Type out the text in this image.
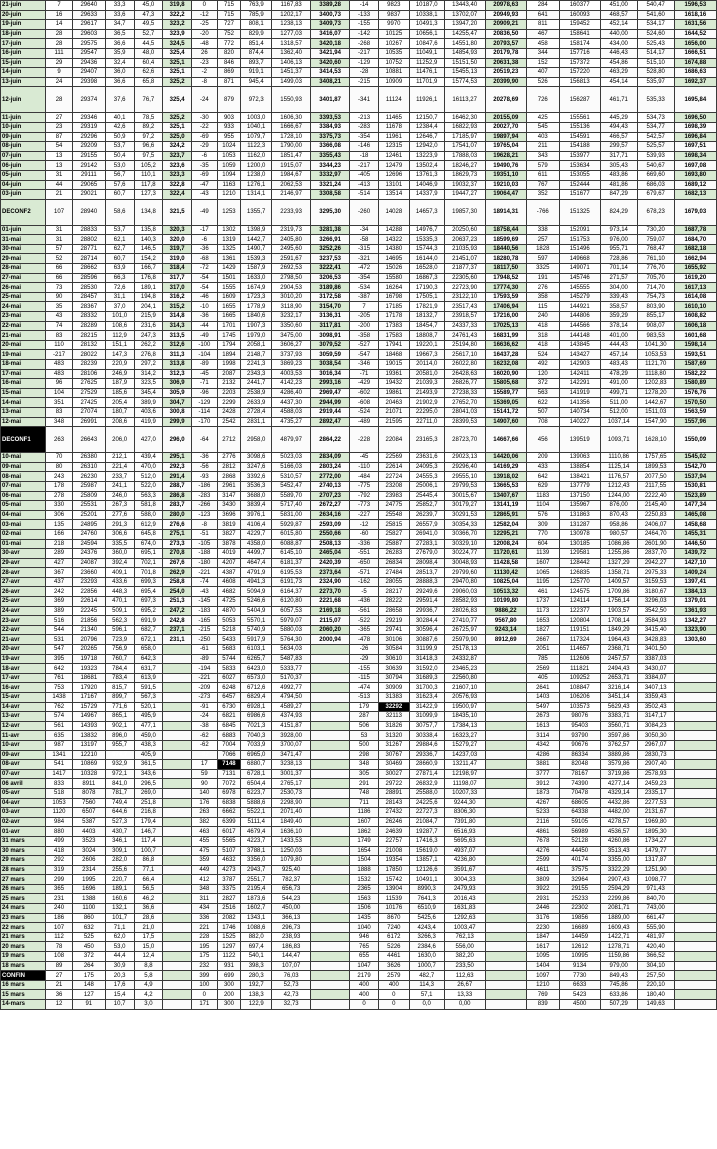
21-juin	7	29640	33,3	45,0	319,8	0	715	763,9	1167,83	3389,28	-14	9823	10187,0	13443,40	20978,63	284	160377	451,00	540,47	1596,53
20-juin	16	29633	33,6	47,3	322,2	-12	715	785,9	1202,17	3400,73	-133	9837	10338,1	13702,07	20949,93	641	160093	468,57	541,60	1618,16
19-juin	14	29617	34,7	49,5	323,2	-25	727	808,1	1238,13	3409,73	-155	9970	10491,3	13947,20	20909,21	811	159452	452,14	534,17	1631,56
18-juin	28	29603	36,5	52,7	323,9	-20	752	829,9	1277,03	3416,07	-142	10125	10656,1	14255,47	20836,50	467	158641	440,00	524,60	1644,52
17-juin	28	29575	36,6	44,5	324,5	-48	772	851,4	1318,57	3420,18	-268	10267	10847,6	14551,80	20793,57	458	158174	434,00	525,43	1656,00
16-juin	111	29547	35,9	48,0	325,4	26	820	874,4	1362,40	3421,94	-217	10535	11049,1	14854,93	20179,78	344	157716	446,43	514,17	1666,51
15-juin	29	29436	32,4	60,4	325,1	-23	846	893,7	1406,13	3420,60	-129	10752	11252,9	15151,50	20631,38	152	157372	454,86	515,10	1674,88
14-juin	9	29407	36,0	62,6	325,1	-2	869	919,1	1451,37	3414,53	-28	10881	11476,1	15455,13	20519,23	407	157220	463,29	528,80	1686,63
13-juin	24	29398	36,6	65,8	325,2	-8	871	945,4	1499,03	3408,21	-215	10909	11701,9	15774,53	20399,90	526	156813	454,14	535,97	1692,37
12-juin	28	29374	37,6	76,7	325,4	-24	879	972,3	1550,93	3401,87	-341	11124	11926,1	16113,27	20278,69	726	156287	461,71	535,33	1695,84
11-juin	27	29346	40,1	78,5	325,2	-30	903	1003,0	1606,30	3393,53	-213	11465	12150,7	16462,30	20155,09	425	155561	445,29	534,73	1696,50
10-juin	23	29319	42,6	89,2	325,1	-22	933	1040,1	1666,67	3384,93	-283	11678	12384,4	16822,93	20027,70	545	155136	494,43	534,77	1698,39
09-juin	87	29296	50,9	97,2	325,0	-69	955	1079,7	1728,10	3375,73	-354	11961	12646,7	17185,97	19897,94	403	154591	466,57	542,57	1696,84
08-juin	54	29209	53,7	96,6	324,2	-29	1024	1122,3	1790,00	3366,08	-146	12315	12942,0	17541,07	19765,04	211	154188	299,57	525,57	1697,51
07-juin	13	29155	50,4	97,5	323,7	-6	1053	1162,0	1851,47	3355,43	-18	12461	13223,9	17888,03	19628,21	343	153977	317,71	539,93	1698,34
06-juin	13	29142	53,0	105,2	323,6	-35	1059	1200,0	1915,07	3344,23	-217	12479	13502,4	18246,27	19490,76	579	153634	305,43	540,67	1697,08
05-juin	31	29111	56,7	110,1	323,3	-69	1094	1238,0	1984,67	3332,97	-405	12696	13761,3	18629,73	19351,10	611	153055	483,86	669,60	1693,80
04-juin	44	29065	57,6	117,8	322,8	-47	1163	1276,1	2062,53	3321,24	-413	13101	14046,9	19032,37	19210,03	767	152444	481,86	686,03	1689,12
03-juin	21	29021	60,7	127,3	322,4	-43	1210	1314,1	2146,97	3308,58	-514	13514	14337,9	19447,27	19064,47	352	151677	847,29	679,67	1682,13
DECONF2	107	28940	58,6	134,8	321,5	-49	1253	1355,7	2233,93	3295,30	-260	14028	14657,3	19857,30	18914,31	-766	151325	824,29	678,23	1679,03
01-juin	31	28833	53,7	135,8	320,3	-17	1302	1398,9	2319,73	3281,38	-34	14288	14976,7	20250,60	18758,44	338	152091	973,14	730,20	1687,78
31-mai	31	28802	62,1	140,3	320,0	-6	1319	1442,7	2405,80	3266,91	-58	14322	15335,3	20637,23	18599,69	257	151753	976,00	759,07	1684,70
30-mai	57	28771	62,7	146,5	319,7	-36	1325	1490,7	2495,60	3252,26	-315	14380	15744,3	21035,93	18440,56	1828	151496	955,71	768,47	1682,18
29-mai	52	28714	60,7	154,2	319,0	-68	1361	1539,3	2591,67	3237,53	-321	14695	16144,0	21451,07	18280,78	597	149668	728,86	761,10	1662,94
28-mai	66	28662	63,9	166,7	318,4	-72	1429	1587,9	2692,53	3222,41	-472	15026	16528,0	21877,37	18117,50	3325	149071	701,14	776,70	1655,92
27-mai	66	28596	66,3	176,8	317,7	-54	1501	1633,0	2798,50	3206,53	-354	15580	16867,3	22305,60	17948,52	191	145746	271,57	705,70	1619,20
26-mai	73	28530	72,6	189,1	317,0	-54	1555	1674,9	2904,53	3189,86	-534	16264	17190,3	22723,90	17774,30	276	145555	304,00	714,70	1617,13
25-mai	90	28457	31,1	194,8	316,2	-46	1609	1723,3	3010,20	3172,58	-387	16798	17505,1	23122,10	17593,59	358	145279	339,43	754,73	1614,08
24-mai	35	28367	37,0	204,1	315,2	-10	1655	1778,9	3118,90	3154,70	7	17185	17821,9	23517,43	17406,94	115	144921	358,57	803,90	1610,10
23-mai	43	28332	101,0	215,9	314,8	-36	1665	1840,6	3232,17	3136,31	-205	17178	18132,7	23918,57	17216,00	240	144806	359,29	855,17	1608,82
22-mai	74	28289	108,6	231,6	314,3	-44	1701	1907,3	3350,60	3117,81	-200	17383	18454,7	24337,33	17025,13	418	144566	378,14	908,07	1606,18
21-mai	83	28215	112,9	247,3	313,5	-49	1745	1979,0	3475,00	3098,91	-358	17583	18808,7	24761,43	16831,99	318	144148	401,00	983,53	1601,68
20-mai	110	28132	151,1	262,2	312,6	-100	1794	2058,1	3606,27	3079,52	-527	17941	19220,1	25194,80	16636,62	418	143845	444,43	1041,30	1598,14
19-mai	-217	28022	147,3	276,8	311,3	-104	1894	2148,7	3737,93	3059,59	-547	18468	19667,3	25617,10	16437,28	524	143427	457,14	1053,53	1593,51
18-mai	483	28239	220,9	297,2	313,8	-89	1998	2241,3	3869,23	3038,54	-346	19015	20114,0	26022,80	16232,08	492	142903	483,43	1121,70	1587,69
17-mai	483	28106	246,9	314,2	312,3	-45	2087	2343,3	4003,53	3016,34	-71	19361	20581,0	26428,63	16020,90	120	142411	478,29	1118,80	1582,22
16-mai	96	27625	187,9	323,5	306,9	-71	2132	2441,7	4142,23	2993,16	-429	19432	21039,3	26826,77	15805,68	372	142291	491,00	1202,83	1580,89
15-mai	104	27529	185,6	345,4	305,9	-96	2203	2538,9	4286,40	2969,47	-602	19861	21493,9	27238,33	15589,77	563	141919	499,71	1278,20	1576,76
14-mai	351	27425	205,4	389,9	304,7	-129	2299	2633,9	4437,30	2944,99	-608	20463	21902,9	27652,70	15369,05	622	141356	511,00	1442,67	1570,50
13-mai	83	27074	180,7	403,6	300,8	-114	2428	2728,4	4588,03	2919,44	-524	21071	22295,0	28041,03	15141,72	507	140734	512,00	1511,03	1563,59
12-mai	348	26991	208,6	419,9	299,9	-170	2542	2831,1	4735,27	2892,47	-489	21595	22711,0	28399,53	14907,60	708	140227	1037,14	1547,90	1557,96
DECONF1	263	26643	206,0	427,0	296,0	-64	2712	2958,0	4879,97	2864,22	-228	22084	23165,3	28723,70	14667,66	456	139519	1093,71	1628,10	1550,09
10-mai	70	26380	212,1	439,4	295,1	-36	2776	3098,6	5023,03	2834,09	-45	22569	23631,6	29023,13	14420,06	209	139063	1110,86	1757,65	1545,02
09-mai	80	26310	221,4	470,0	292,3	-56	2812	3247,6	5166,03	2803,24	-110	22614	24095,3	29296,40	14169,29	433	138854	1125,14	1899,53	1542,70
08-mai	243	26230	233,7	512,0	291,4	-93	2868	3392,6	5310,57	2772,00	-484	22724	24555,3	29555,10	13918,02	642	138421	1176,57	2077,50	1537,94
07-mai	178	25987	241,1	522,0	288,7	-186	2961	3536,3	5452,47	2740,13	-775	23208	25006,1	29799,53	13665,53	629	137779	1212,43	2117,55	1530,81
06-mai	278	25809	246,0	563,3	286,8	-283	3147	3688,0	5589,70	2707,23	-792	23983	25445,4	30015,67	13407,67	1183	137150	1244,00	2222,40	1523,89
05-mai	330	25531	267,3	581,8	283,7	-266	3430	3839,4	5717,40	2672,27	-773	24775	25852,7	30179,27	13141,19	1104	135967	876,00	2145,40	1477,34
04-mai	306	25201	277,6	588,0	280,0	-123	3696	3976,1	5831,00	2634,16	-227	25548	26239,7	30291,53	12865,91	576	131863	870,43	2250,83	1465,08
03-mai	135	24895	291,3	612,9	276,6	-8	3819	4106,4	5929,87	2593,09	-12	25815	26557,9	30354,33	12582,04	309	131287	958,86	2406,07	1458,68
02-mai	166	24760	306,6	645,8	275,1	-51	3827	4229,7	6015,80	2550,66	-60	25827	26941,0	30366,70	12295,21	770	130978	980,57	2464,70	1455,31
01-mai	218	24594	335,5	674,0	273,3	-105	3878	4358,0	6088,87	2508,13	-336	25887	27283,1	30329,10	12008,24	604	130185	1086,86	2601,90	1446,50
30-avr	289	24376	360,0	695,1	270,8	-188	4019	4499,7	6145,10	2465,04	-551	26283	27679,0	30224,77	11720,61	1139	129581	1255,86	2837,70	1439,72
29-avr	427	24087	392,4	702,1	267,6	-180	4207	4647,4	6181,37	2420,39	-650	26834	28098,4	30048,93	11428,58	1607	128442	1327,29	2942,27	1427,10
28-avr	367	23660	409,1	701,8	262,9	-221	4387	4791,9	6195,53	2373,64	-571	27484	28513,7	29799,60	11130,42	1065	126835	1358,71	2975,33	1409,24
27-avr	437	23293	433,6	699,3	258,8	-74	4608	4941,3	6191,73	2324,90	-162	28055	28888,3	29470,80	10825,04	1195	125770	1409,57	3159,53	1397,41
26-avr	242	22856	448,3	695,4	254,0	-43	4682	5094,9	6164,37	2273,70	-5	28217	29249,6	29060,03	10513,32	461	124575	1709,86	3180,67	1384,13
25-avr	369	22614	470,1	697,3	251,3	-145	4725	5246,6	6120,80	2221,68	-436	28222	29591,4	28582,93	10199,80	1737	124114	1756,14	3296,03	1379,01
24-avr	389	22245	509,1	695,2	247,2	-183	4870	5404,9	6057,53	2169,18	-561	28658	29936,7	28026,83	9886,22	1173	122377	1903,57	3542,50	1361,93
23-avr	516	21856	562,3	691,9	242,8	-165	5053	5570,1	5979,07	2115,07	-522	29219	30284,4	27410,77	9567,80	1653	120804	1708,14	3584,93	1342,27
22-avr	544	21340	596,1	682,7	237,1	-215	5218	5740,9	5880,03	2060,20	-365	29741	30596,4	26725,97	9243,14	1827	119151	1849,29	3415,40	1323,90
21-avr	531	20796	723,9	672,1	231,1	-250	5433	5917,9	5764,30	2000,94	-478	30106	30887,6	25979,90	8912,69	2667	117324	1964,43	3428,83	1303,60
20-avr	547	20265	756,9	658,0		-61	5683	6103,1	5634,03		-26	30584	31199,9	25178,13		2051	114657	2368,71	3401,50	
19-avr	395	19718	760,7	642,3		-89	5744	6265,7	5487,83		-29	30610	31418,3	24332,87		785	112606	2457,57	3387,03	
18-avr	642	19323	784,4	631,7		-194	5833	6423,0	5333,77		-155	30639	31592,0	23465,23		2569	111821	2494,43	3430,07	
17-avr	761	18681	783,4	613,9		-221	6027	6573,0	5170,37		-115	30794	31689,3	22560,80		405	109252	2653,71	3384,07	
16-avr	753	17920	815,7	591,5		-209	6248	6712,6	4992,77		-474	30909	31700,3	21607,10		2641	108847	3216,14	3407,13	
15-avr	1438	17167	899,7	567,3		-273	6457	6829,4	4794,50		-513	31383	31623,4	20576,93		1403	106206	3451,14	3359,43	
14-avr	762	15729	771,6	520,1		-91	6730	6928,1	4589,27		179	32292	31422,9	19500,97		5497	103573	5629,43	3502,43	
13-avr	574	14967	865,1	495,9		-24	6821	6986,6	4374,93		287	32113	31099,9	18435,10		2673	98076	3383,71	3147,17	
12-avr	561	14393	902,1	477,1		-38	6845	7021,3	4151,87		506	31826	30757,7	17384,13		1613	95403	3560,71	3084,23	
11-avr	635	13832	896,0	459,0		-62	6883	7040,3	3928,00		53	31320	30338,4	16323,27		3114	93790	3597,86	3050,30	
10-avr	987	13197	955,7	438,3		-62	7004	7033,9	3700,07		500	31267	29884,6	15279,27		4342	90676	3762,57	2967,07	
09-avr	1341	12210	974,7	405,9		-82	7066	6965,0	3471,47		298	30767	29336,7	14237,03		4286	86334	3889,86	2830,73	
08-avr	541	10869	932,9	361,5		17	7148	6880,7	3238,13		348	30469	28660,9	13211,47		3881	82048	3579,86	2907,40	
07-avr	1417	10328	972,1	343,6		59	7131	6728,1	3001,37		305	30027	27871,4	12198,97		3777	78167	3719,86	2578,93	
06 avril	833	8911	841,0	296,5		90	7072	6504,4	2765,17		291	29722	26832,9	11198,07		3912	74390	4277,14	2459,23	
05-avr	518	8078	781,7	269,0		140	6978	6223,7	2530,73		748	28891	25588,0	10207,33		1873	70478	4329,14	2335,17	
04-avr	1053	7560	749,4	251,8		176	6838	5888,6	2298,90		711	28143	24225,6	9244,30		4267	68605	4432,86	2277,53	
03-avr	1120	6507	644,6	216,8		263	6662	5522,1	2071,40		1186	27432	22727,3	8306,30		5233	64338	4482,00	2131,67	
02-avr	984	5387	527,3	179,4		382	6399	5111,4	1849,40		1607	26246	21084,7	7391,80		2116	59105	4278,57	1969,80	
01-avr	880	4403	430,7	146,7		463	6017	4679,4	1636,10		1862	24639	19287,7	6516,93		4861	56989	4536,57	1895,30	
31 mars	499	3523	346,1	117,4		455	5565	4223,7	1433,53		1749	22757	17416,3	5695,63		7678	52128	4260,86	1734,27	
30 mars	418	3024	309,1	100,7		475	5107	3788,1	1250,03		1654	21008	15619,0	4937,07		4276	44450	3513,43	1479,77	
29 mars	292	2606	282,0	86,8		359	4632	3356,0	1079,80		1504	19354	13857,1	4236,80		2599	40174	3355,00	1317,87	
28 mars	319	2314	255,6	77,1		449	4273	2943,7	925,40		1888	17850	12126,6	3591,67		4611	37575	3322,29	1251,90	
27 mars	299	1995	220,7	66,4		412	3787	2551,7	782,37		1532	15742	10491,1	3004,33		3809	32964	2907,43	1098,77	
26 mars	365	1696	189,1	56,5		348	3375	2195,4	656,73		2365	13904	8990,3	2479,93		3922	29155	2594,29	971,43	
25 mars	231	1388	160,6	46,2		311	2827	1873,6	544,23		1563	11539	7641,3	2016,43		2931	25233	2299,86	840,70	
24 mars	240	1100	132,1	36,6		434	2516	1602,7	450,00		1506	10176	6510,9	1631,83		2446	22302	2081,71	743,00	
23 mars	186	860	101,7	28,6		336	2082	1343,1	366,13		1435	8670	5425,6	1292,63		3176	19856	1889,00	661,47	
22 mars	107	632	71,1	21,0		221	1746	1088,6	296,73		1040	7240	4243,4	1003,47		2230	16689	1609,43	555,90	
21 mars	112	525	62,0	17,5		228	1525	882,0	238,93		946	6172	3266,3	762,13		1847	14459	1422,71	481,97	
20 mars	78	450	53,0	15,0		195	1297	697,4	186,83		765	5226	2384,6	556,00		1617	12612	1278,71	420,40	
19 mars	108	372	44,4	12,4		175	1122	540,1	144,47		655	4461	1630,0	382,20		1095	10995	1159,86	366,52	
18 mars	89	264	30,9	8,8		232	931	398,3	107,07		1047	3626	1000,7	233,50		1404	9134	979,00	304,10	
CONFIN	27	175	20,3	5,8		399	699	280,3	76,03		2179	2579	482,7	112,63		1097	7730	849,43	257,50	
16 mars	21	148	17,6	4,9		100	300	192,7	52,73		400	400	114,3	26,67		1210	6633	745,86	220,10	
15 mars	36	127	15,4	4,2		0	200	138,3	42,73		400	0	57,1	13,33		769	5423	633,86	180,40	
14-mars	12	91	10,7	3,0		171	300	122,9	32,73		0	0	0,0	0,00		839	4500	507,29	149,63	
